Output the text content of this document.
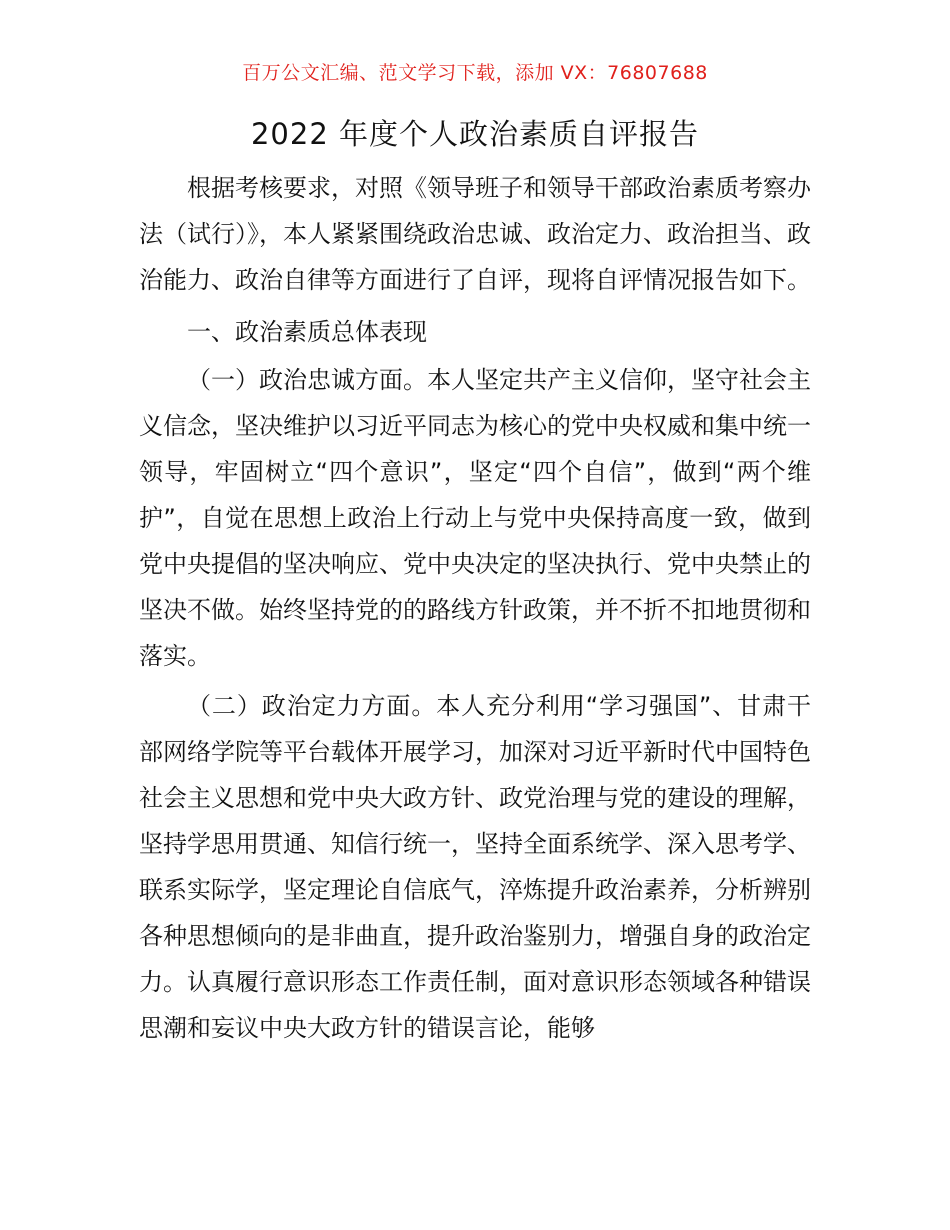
百万公文汇编、范文学习下载，添加 VX：76807688
2022 年度个人政治素质自评报告

根据考核要求，对照《领导班子和领导干部政治素质考察办法（试行）》，本人紧紧围绕政治忠诚、政治定力、政治担当、政治能力、政治自律等方面进行了自评，现将自评情况报告如下。

一、政治素质总体表现

（一）政治忠诚方面。本人坚定共产主义信仰，坚守社会主义信念，坚决维护以习近平同志为核心的党中央权威和集中统一领导，牢固树立“四个意识”，坚定“四个自信”，做到“两个维护”，自觉在思想上政治上行动上与党中央保持高度一致，做到党中央提倡的坚决响应、党中央决定的坚决执行、党中央禁止的坚决不做。始终坚持党的的路线方针政策，并不折不扣地贯彻和落实。

（二）政治定力方面。本人充分利用“学习强国”、甘肃干部网络学院等平台载体开展学习，加深对习近平新时代中国特色社会主义思想和党中央大政方针、政党治理与党的建设的理解，坚持学思用贯通、知信行统一，坚持全面系统学、深入思考学、联系实际学，坚定理论自信底气，淬炼提升政治素养，分析辨别各种思想倾向的是非曲直，提升政治鉴别力，增强自身的政治定力。认真履行意识形态工作责任制，面对意识形态领域各种错误思潮和妄议中央大政方针的错误言论，能够
